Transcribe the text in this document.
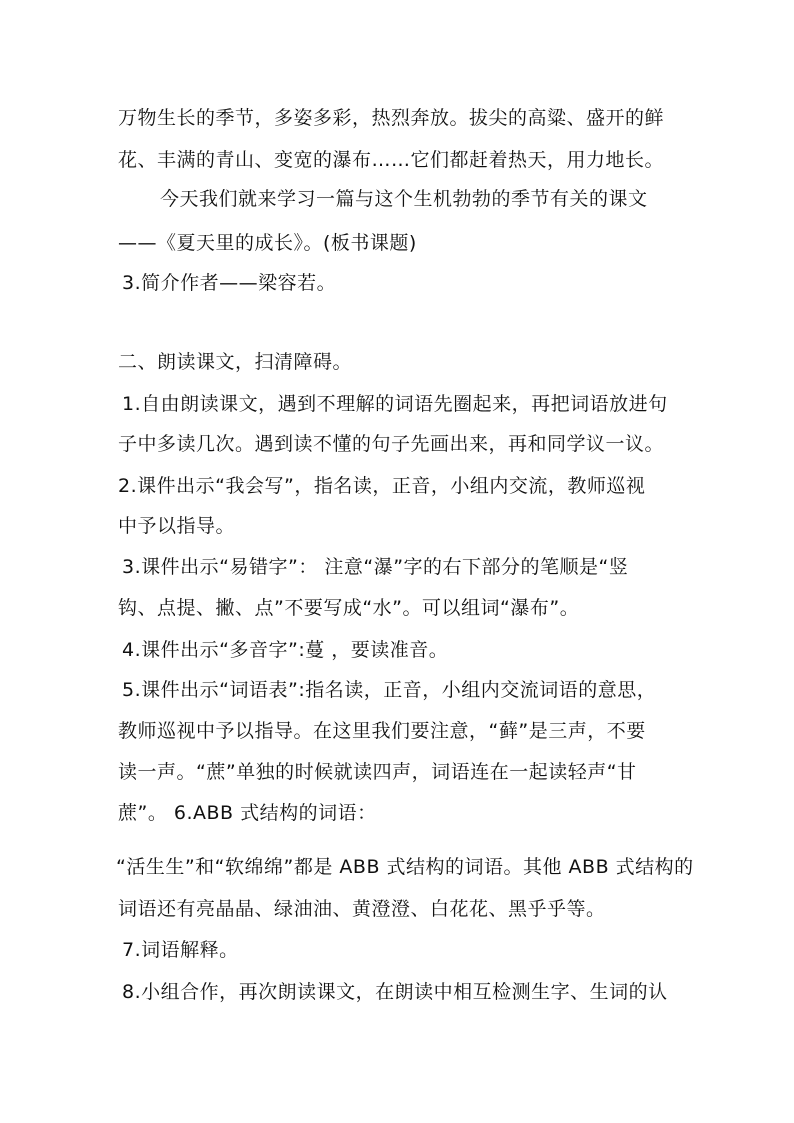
万物生长的季节，多姿多彩，热烈奔放。拔尖的高粱、盛开的鲜
花、丰满的青山、变宽的瀑布……它们都赶着热天，用力地长。
今天我们就来学习一篇与这个生机勃勃的季节有关的课文
——《夏天里的成长》。(板书课题)
3.简介作者——梁容若。
二、朗读课文，扫清障碍。
1.自由朗读课文，遇到不理解的词语先圈起来，再把词语放进句
子中多读几次。遇到读不懂的句子先画出来，再和同学议一议。
2.课件出示“我会写”，指名读，正音，小组内交流，教师巡视
中予以指导。
3.课件出示“易错字”： 注意“瀑”字的右下部分的笔顺是“竖
钩、点提、撇、点”不要写成“水”。可以组词“瀑布”。
4.课件出示“多音字”:蔓 ，要读准音。
5.课件出示“词语表”:指名读，正音，小组内交流词语的意思，
教师巡视中予以指导。在这里我们要注意，“藓”是三声，不要
读一声。“蔗”单独的时候就读四声，词语连在一起读轻声“甘
蔗”。 6.ABB 式结构的词语：
“活生生”和“软绵绵”都是 ABB 式结构的词语。其他 ABB 式结构的
词语还有亮晶晶、绿油油、黄澄澄、白花花、黑乎乎等。
7.词语解释。
8.小组合作，再次朗读课文，在朗读中相互检测生字、生词的认
